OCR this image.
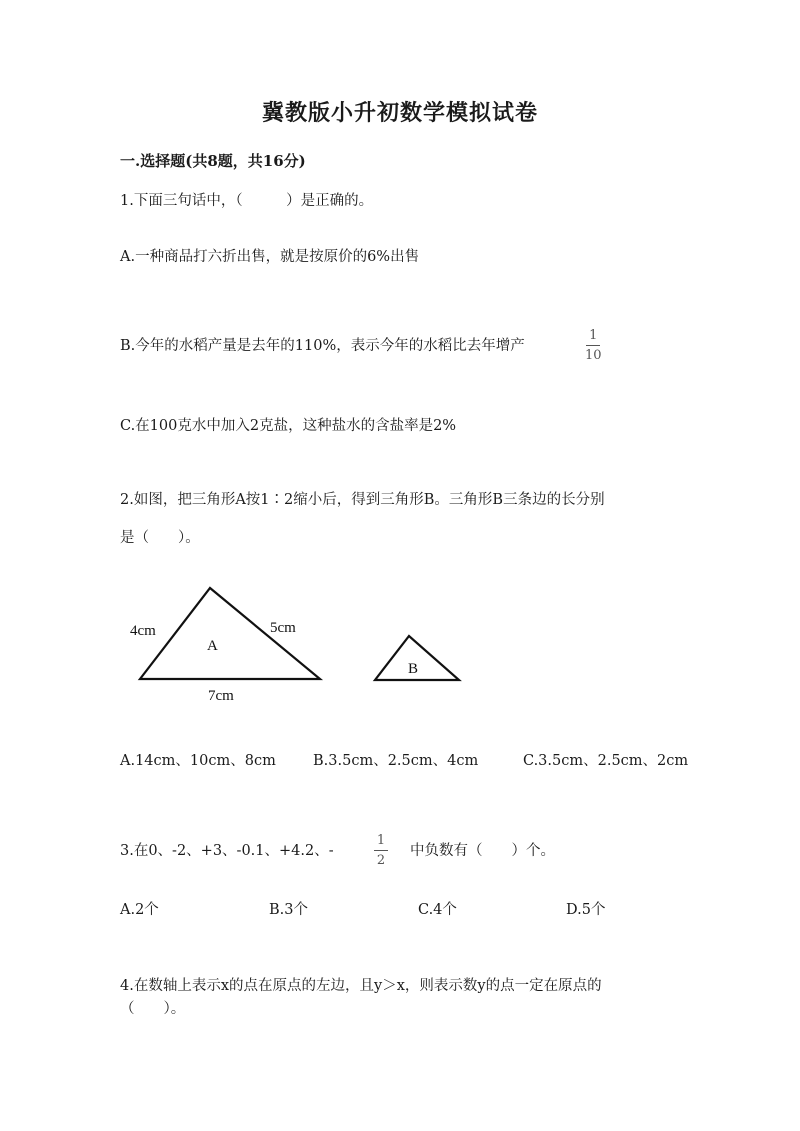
冀教版小升初数学模拟试卷
一.选择题(共8题，共16分)
1.下面三句话中，（　　　）是正确的。
A.一种商品打六折出售，就是按原价的6%出售
B.今年的水稻产量是去年的110%，表示今年的水稻比去年增产
1
10
C.在100克水中加入2克盐，这种盐水的含盐率是2%
2.如图，把三角形A按1∶2缩小后，得到三角形B。三角形B三条边的长分别
是（　　）。
4cm	5cm
A
7cm
B
A.14cm、10cm、8cm	B.3.5cm、2.5cm、4cm	C.3.5cm、2.5cm、2cm
3.在0、-2、+3、-0.1、+4.2、-
1
2
中负数有（　　）个。
A.2个	B.3个	C.4个	D.5个
4.在数轴上表示x的点在原点的左边，且y＞x，则表示数y的点一定在原点的
（　　）。
